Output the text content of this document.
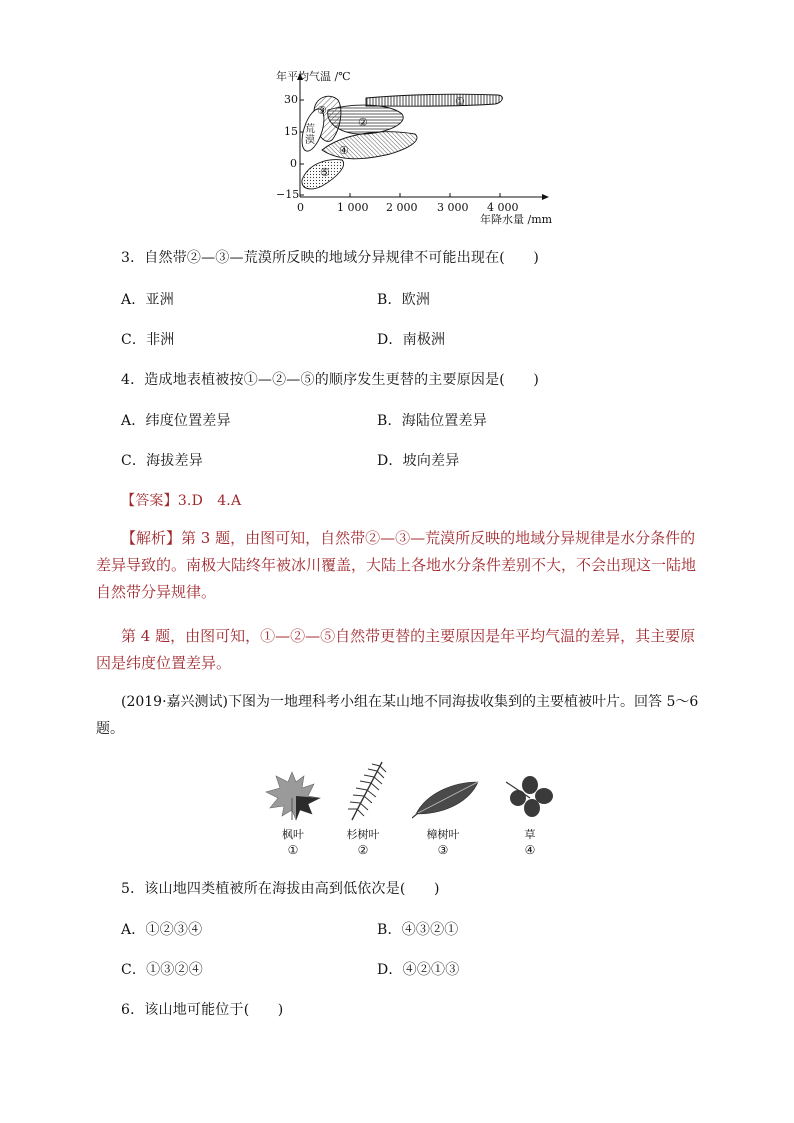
年平均气温 /℃
30
15
0
−15
0	1 000 2 000 3 000 4 000
年降水量 /mm
①
②
③
④
⑤
荒
漠
3．自然带②—③—荒漠所反映的地域分异规律不可能出现在(　　)
A．亚洲	B．欧洲
C．非洲	D．南极洲
4．造成地表植被按①—②—⑤的顺序发生更替的主要原因是(　　)
A．纬度位置差异	B．海陆位置差异
C．海拔差异	D．坡向差异
【答案】3.D　4.A
【解析】第 3 题，由图可知，自然带②—③—荒漠所反映的地域分异规律是水分条件的差异导致的。南极大陆终年被冰川覆盖，大陆上各地水分条件差别不大，不会出现这一陆地自然带分异规律。
第 4 题，由图可知，①—②—⑤自然带更替的主要原因是年平均气温的差异，其主要原因是纬度位置差异。
(2019·嘉兴测试)下图为一地理科考小组在某山地不同海拔收集到的主要植被叶片。回答 5～6 题。
枫叶	杉树叶	樟树叶	草
①	②	③	④
5．该山地四类植被所在海拔由高到低依次是(　　)
A．①②③④	B．④③②①
C．①③②④	D．④②①③
6．该山地可能位于(　　)
